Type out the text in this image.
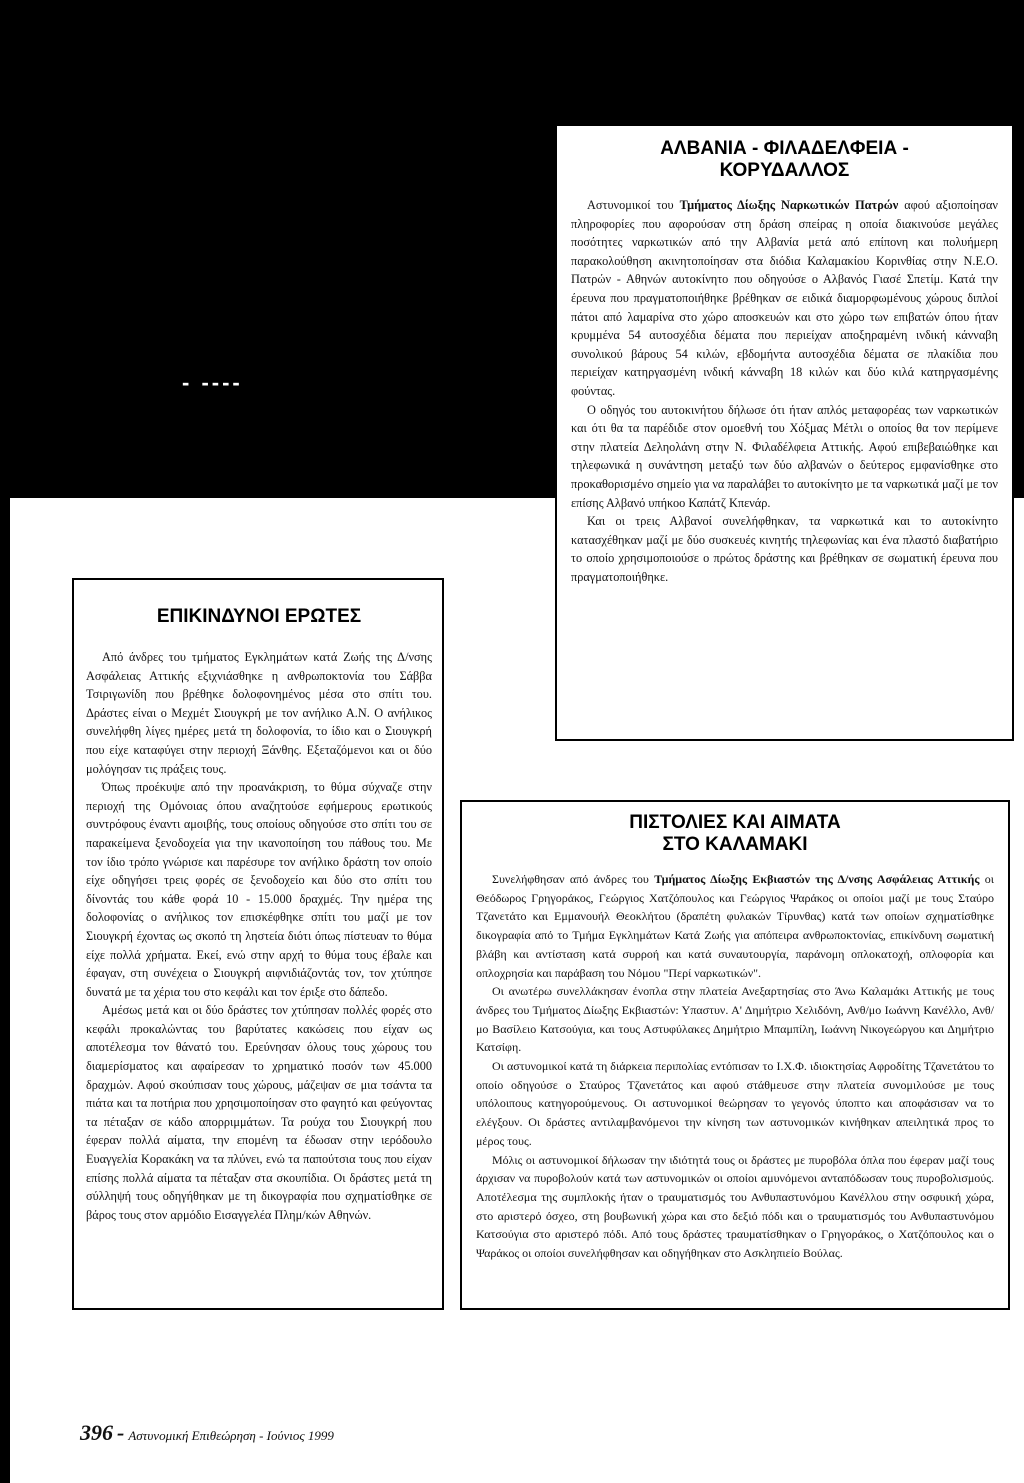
- ----
ΑΛΒΑΝΙΑ - ΦΙΛΑΔΕΛΦΕΙΑ -
ΚΟΡΥΔΑΛΛΟΣ

Αστυνομικοί του Τμήματος Δίωξης Ναρκωτικών Πατρών αφού αξιοποίησαν πληροφορίες που αφορούσαν στη δράση σπείρας η οποία διακινούσε μεγάλες ποσότητες ναρκωτικών από την Αλβανία μετά από επίπονη και πολυήμερη παρακολούθηση ακινητοποίησαν στα διόδια Καλαμακίου Κορινθίας στην Ν.Ε.Ο. Πατρών - Αθηνών αυτοκίνητο που οδηγούσε ο Αλβανός Γιασέ Σπετίμ. Κατά την έρευνα που πραγματοποιήθηκε βρέθηκαν σε ειδικά διαμορφωμένους χώρους διπλοί πάτοι από λαμαρίνα στο χώρο αποσκευών και στο χώρο των επιβατών όπου ήταν κρυμμένα 54 αυτοσχέδια δέματα που περιείχαν αποξηραμένη ινδική κάνναβη συνολικού βάρους 54 κιλών, εβδομήντα αυτοσχέδια δέματα σε πλακίδια που περιείχαν κατηργασμένη ινδική κάνναβη 18 κιλών και δύο κιλά κατηργασμένης φούντας.

Ο οδηγός του αυτοκινήτου δήλωσε ότι ήταν απλός μεταφορέας των ναρκωτικών και ότι θα τα παρέδιδε στον ομοεθνή του Χόξμας Μέτλι ο οποίος θα τον περίμενε στην πλατεία Δεληολάνη στην Ν. Φιλαδέλφεια Αττικής. Αφού επιβεβαιώθηκε και τηλεφωνικά η συνάντηση μεταξύ των δύο αλβανών ο δεύτερος εμφανίσθηκε στο προκαθορισμένο σημείο για να παραλάβει το αυτοκίνητο με τα ναρκωτικά μαζί με τον επίσης Αλβανό υπήκοο Καπάτζ Κπενάρ.

Και οι τρεις Αλβανοί συνελήφθηκαν, τα ναρκωτικά και το αυτοκίνητο κατασχέθηκαν μαζί με δύο συσκευές κινητής τηλεφωνίας και ένα πλαστό διαβατήριο το οποίο χρησιμοποιούσε ο πρώτος δράστης και βρέθηκαν σε σωματική έρευνα που πραγματοποιήθηκε.

ΕΠΙΚΙΝΔΥΝΟΙ ΕΡΩΤΕΣ

Από άνδρες του τμήματος Εγκλημάτων κατά Ζωής της Δ/νσης Ασφάλειας Αττικής εξιχνιάσθηκε η ανθρωποκτονία του Σάββα Τσιριγωνίδη που βρέθηκε δολοφονημένος μέσα στο σπίτι του. Δράστες είναι ο Μεχμέτ Σιουγκρή με τον ανήλικο Α.Ν. Ο ανήλικος συνελήφθη λίγες ημέρες μετά τη δολοφονία, το ίδιο και ο Σιουγκρή που είχε καταφύγει στην περιοχή Ξάνθης. Εξεταζόμενοι και οι δύο μολόγησαν τις πράξεις τους.

Όπως προέκυψε από την προανάκριση, το θύμα σύχναζε στην περιοχή της Ομόνοιας όπου αναζητούσε εφήμερους ερωτικούς συντρόφους έναντι αμοιβής, τους οποίους οδηγούσε στο σπίτι του σε παρακείμενα ξενοδοχεία για την ικανοποίηση του πάθους του. Με τον ίδιο τρόπο γνώρισε και παρέσυρε τον ανήλικο δράστη τον οποίο είχε οδηγήσει τρεις φορές σε ξενοδοχείο και δύο στο σπίτι του δίνοντάς του κάθε φορά 10 - 15.000 δραχμές. Την ημέρα της δολοφονίας ο ανήλικος τον επισκέφθηκε σπίτι του μαζί με τον Σιουγκρή έχοντας ως σκοπό τη ληστεία διότι όπως πίστευαν το θύμα είχε πολλά χρήματα. Εκεί, ενώ στην αρχή το θύμα τους έβαλε και έφαγαν, στη συνέχεια ο Σιουγκρή αιφνιδιάζοντάς τον, τον χτύπησε δυνατά με τα χέρια του στο κεφάλι και τον έριξε στο δάπεδο.

Αμέσως μετά και οι δύο δράστες τον χτύπησαν πολλές φορές στο κεφάλι προκαλώντας του βαρύτατες κακώσεις που είχαν ως αποτέλεσμα τον θάνατό του. Ερεύνησαν όλους τους χώρους του διαμερίσματος και αφαίρεσαν το χρηματικό ποσόν των 45.000 δραχμών. Αφού σκούπισαν τους χώρους, μάζεψαν σε μια τσάντα τα πιάτα και τα ποτήρια που χρησιμοποίησαν στο φαγητό και φεύγοντας τα πέταξαν σε κάδο απορριμμάτων. Τα ρούχα του Σιουγκρή που έφεραν πολλά αίματα, την επομένη τα έδωσαν στην ιερόδουλο Ευαγγελία Κορακάκη να τα πλύνει, ενώ τα παπούτσια τους που είχαν επίσης πολλά αίματα τα πέταξαν στα σκουπίδια. Οι δράστες μετά τη σύλληψή τους οδηγήθηκαν με τη δικογραφία που σχηματίσθηκε σε βάρος τους στον αρμόδιο Εισαγγελέα Πλημ/κών Αθηνών.

ΠΙΣΤΟΛΙΕΣ ΚΑΙ ΑΙΜΑΤΑ
ΣΤΟ ΚΑΛΑΜΑΚΙ

Συνελήφθησαν από άνδρες του Τμήματος Δίωξης Εκβιαστών της Δ/νσης Ασφάλειας Αττικής οι Θεόδωρος Γρηγοράκος, Γεώργιος Χατζόπουλος και Γεώργιος Ψαράκος οι οποίοι μαζί με τους Σταύρο Τζανετάτο και Εμμανουήλ Θεοκλήτου (δραπέτη φυλακών Τίρυνθας) κατά των οποίων σχηματίσθηκε δικογραφία από το Τμήμα Εγκλημάτων Κατά Ζωής για απόπειρα ανθρωποκτονίας, επικίνδυνη σωματική βλάβη και αντίσταση κατά συρροή και κατά συναυτουργία, παράνομη οπλοκατοχή, οπλοφορία και οπλοχρησία και παράβαση του Νόμου "Περί ναρκωτικών".

Οι ανωτέρω συνελλάκησαν ένοπλα στην πλατεία Ανεξαρτησίας στο Άνω Καλαμάκι Αττικής με τους άνδρες του Τμήματος Δίωξης Εκβιαστών: Υπαστυν. Α' Δημήτριο Χελιδόνη, Ανθ/μο Ιωάννη Κανέλλο, Ανθ/μο Βασίλειο Κατσούγια, και τους Αστυφύλακες Δημήτριο Μπαμπίλη, Ιωάννη Νικογεώργου και Δημήτριο Κατσίφη.

Οι αστυνομικοί κατά τη διάρκεια περιπολίας εντόπισαν το Ι.Χ.Φ. ιδιοκτησίας Αφροδίτης Τζανετάτου το οποίο οδηγούσε ο Σταύρος Τζανετάτος και αφού στάθμευσε στην πλατεία συνομιλούσε με τους υπόλοιπους κατηγορούμενους. Οι αστυνομικοί θεώρησαν το γεγονός ύποπτο και αποφάσισαν να το ελέγξουν. Οι δράστες αντιλαμβανόμενοι την κίνηση των αστυνομικών κινήθηκαν απειλητικά προς το μέρος τους.

Μόλις οι αστυνομικοί δήλωσαν την ιδιότητά τους οι δράστες με πυροβόλα όπλα που έφεραν μαζί τους άρχισαν να πυροβολούν κατά των αστυνομικών οι οποίοι αμυνόμενοι ανταπόδωσαν τους πυροβολισμούς. Αποτέλεσμα της συμπλοκής ήταν ο τραυματισμός του Ανθυπαστυνόμου Κανέλλου στην οσφυική χώρα, στο αριστερό όσχεο, στη βουβωνική χώρα και στο δεξιό πόδι και ο τραυματισμός του Ανθυπαστυνόμου Κατσούγια στο αριστερό πόδι. Από τους δράστες τραυματίσθηκαν ο Γρηγοράκος, ο Χατζόπουλος και ο Ψαράκος οι οποίοι συνελήφθησαν και οδηγήθηκαν στο Ασκληπιείο Βούλας.

396 - Αστυνομική Επιθεώρηση - Ιούνιος 1999
